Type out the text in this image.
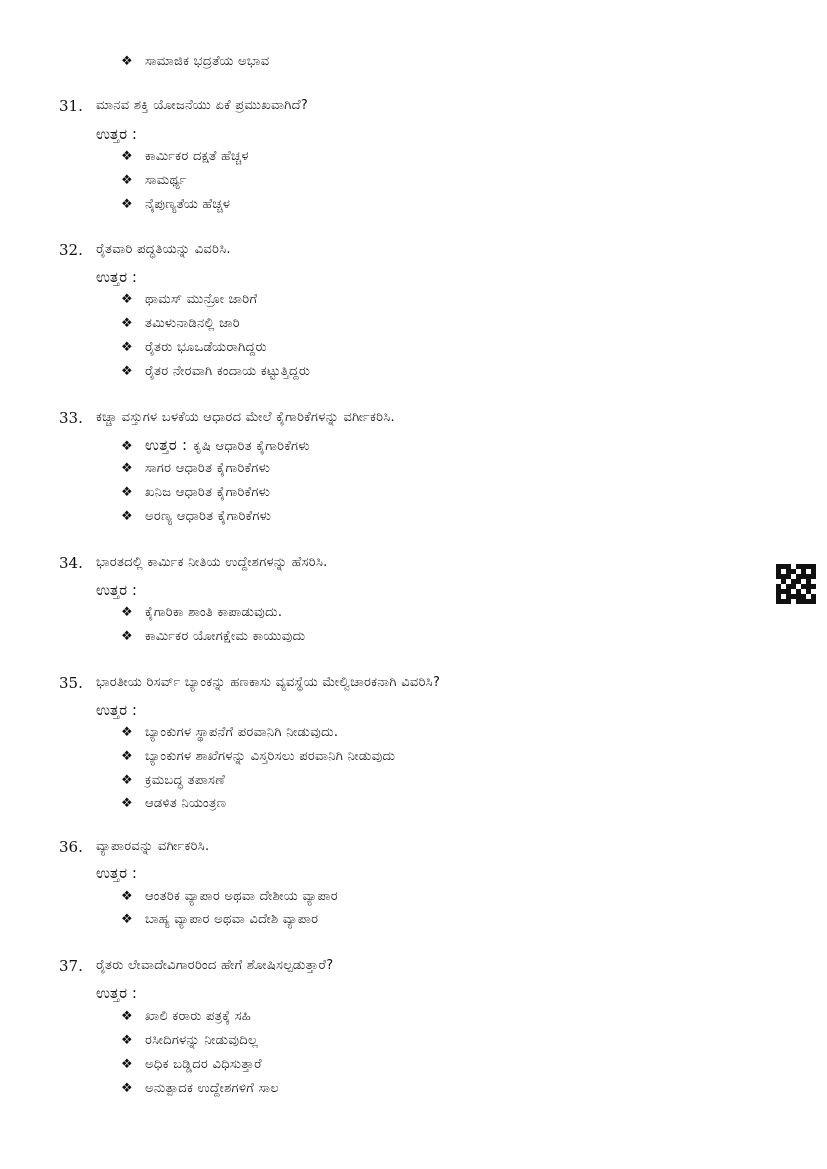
❖ ಸಾಮಾಜಿಕ ಭದ್ರತೆಯ ಅಭಾವ
31. ಮಾನವ ಶಕ್ತಿ ಯೋಜನೆಯು ಏಕೆ ಪ್ರಮುಖವಾಗಿದೆ?
ಉತ್ತರ :
❖ ಕಾರ್ಮಿಕರ ದಕ್ಷತೆ ಹೆಚ್ಚಳ
❖ ಸಾಮರ್ಥ್ಯ
❖ ನೈಪುಣ್ಯತೆಯ ಹೆಚ್ಚಳ
32. ರೈತವಾರಿ ಪದ್ಧತಿಯನ್ನು ವಿವರಿಸಿ.
ಉತ್ತರ :
❖ ಥಾಮಸ್ ಮುನ್ರೋ ಜಾರಿಗೆ
❖ ತಮಿಳುನಾಡಿನಲ್ಲಿ ಜಾರಿ
❖ ರೈತರು ಭೂಒಡೆಯರಾಗಿದ್ದರು
❖ ರೈತರ ನೇರವಾಗಿ ಕಂದಾಯ ಕಟ್ಟುತ್ತಿದ್ದರು
33. ಕಚ್ಚಾ ವಸ್ತುಗಳ ಬಳಕೆಯ ಆಧಾರದ ಮೇಲೆ ಕೈಗಾರಿಕೆಗಳನ್ನು ವರ್ಗೀಕರಿಸಿ.
❖ ಉತ್ತರ : ಕೃಷಿ ಆಧಾರಿತ ಕೈಗಾರಿಕೆಗಳು
❖ ಸಾಗರ ಆಧಾರಿತ ಕೈಗಾರಿಕೆಗಳು
❖ ಖನಿಜ ಆಧಾರಿತ ಕೈಗಾರಿಕೆಗಳು
❖ ಅರಣ್ಯ ಆಧಾರಿತ ಕೈಗಾರಿಕೆಗಳು
34. ಭಾರತದಲ್ಲಿ ಕಾರ್ಮಿಕ ನೀತಿಯ ಉದ್ದೇಶಗಳನ್ನು ಹೆಸರಿಸಿ.
ಉತ್ತರ :
❖ ಕೈಗಾರಿಕಾ ಶಾಂತಿ ಕಾಪಾಡುವುದು.
❖ ಕಾರ್ಮಿಕರ ಯೋಗಕ್ಷೇಮ ಕಾಯುವುದು
35. ಭಾರತೀಯ ರಿಸರ್ವ್ ಬ್ಯಾಂಕನ್ನು ಹಣಕಾಸು ವ್ಯವಸ್ಥೆಯ ಮೇಲ್ವಿಚಾರಕನಾಗಿ ವಿವರಿಸಿ?
ಉತ್ತರ :
❖ ಬ್ಯಾಂಕುಗಳ ಸ್ಥಾಪನೆಗೆ ಪರವಾನಿಗಿ ನೀಡುವುದು.
❖ ಬ್ಯಾಂಕುಗಳ ಶಾಖೆಗಳನ್ನು ವಿಸ್ತರಿಸಲು ಪರವಾನಿಗಿ ನೀಡುವುದು
❖ ಕ್ರಮಬದ್ಧ ತಪಾಸಣೆ
❖ ಆಡಳಿತ ನಿಯಂತ್ರಣ
36. ವ್ಯಾಪಾರವನ್ನು ವರ್ಗೀಕರಿಸಿ.
ಉತ್ತರ :
❖ ಆಂತರಿಕ ವ್ಯಾಪಾರ ಅಥವಾ ದೇಶೀಯ ವ್ಯಾಪಾರ
❖ ಬಾಹ್ಯ ವ್ಯಾಪಾರ ಅಥವಾ ವಿದೇಶಿ ವ್ಯಾಪಾರ
37. ರೈತರು ಲೇವಾದೇವಿಗಾರರಿಂದ ಹೇಗೆ ಶೋಷಿಸಲ್ಪಡುತ್ತಾರೆ?
ಉತ್ತರ :
❖ ಖಾಲಿ ಕರಾರು ಪತ್ರಕ್ಕೆ ಸಹಿ
❖ ರಸೀದಿಗಳನ್ನು ನೀಡುವುದಿಲ್ಲ
❖ ಅಧಿಕ ಬಡ್ಡಿದರ ವಿಧಿಸುತ್ತಾರೆ
❖ ಅನುತ್ಪಾದಕ ಉದ್ದೇಶಗಳಿಗೆ ಸಾಲ
